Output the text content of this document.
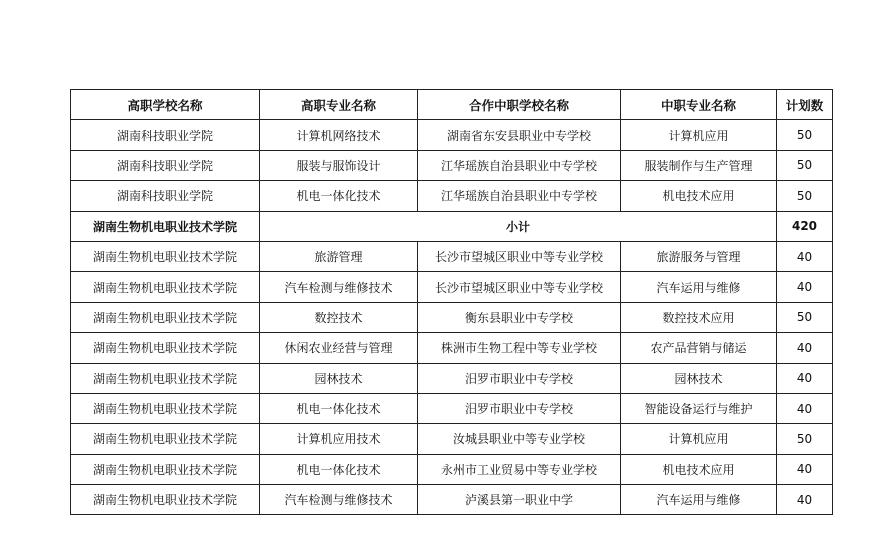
高职学校名称	高职专业名称	合作中职学校名称	中职专业名称	计划数
湖南科技职业学院	计算机网络技术	湖南省东安县职业中专学校	计算机应用	50
湖南科技职业学院	服装与服饰设计	江华瑶族自治县职业中专学校	服装制作与生产管理	50
湖南科技职业学院	机电一体化技术	江华瑶族自治县职业中专学校	机电技术应用	50
湖南生物机电职业技术学院	小计			420
湖南生物机电职业技术学院	旅游管理	长沙市望城区职业中等专业学校	旅游服务与管理	40
湖南生物机电职业技术学院	汽车检测与维修技术	长沙市望城区职业中等专业学校	汽车运用与维修	40
湖南生物机电职业技术学院	数控技术	衡东县职业中专学校	数控技术应用	50
湖南生物机电职业技术学院	休闲农业经营与管理	株洲市生物工程中等专业学校	农产品营销与储运	40
湖南生物机电职业技术学院	园林技术	汨罗市职业中专学校	园林技术	40
湖南生物机电职业技术学院	机电一体化技术	汨罗市职业中专学校	智能设备运行与维护	40
湖南生物机电职业技术学院	计算机应用技术	汝城县职业中等专业学校	计算机应用	50
湖南生物机电职业技术学院	机电一体化技术	永州市工业贸易中等专业学校	机电技术应用	40
湖南生物机电职业技术学院	汽车检测与维修技术	泸溪县第一职业中学	汽车运用与维修	40
